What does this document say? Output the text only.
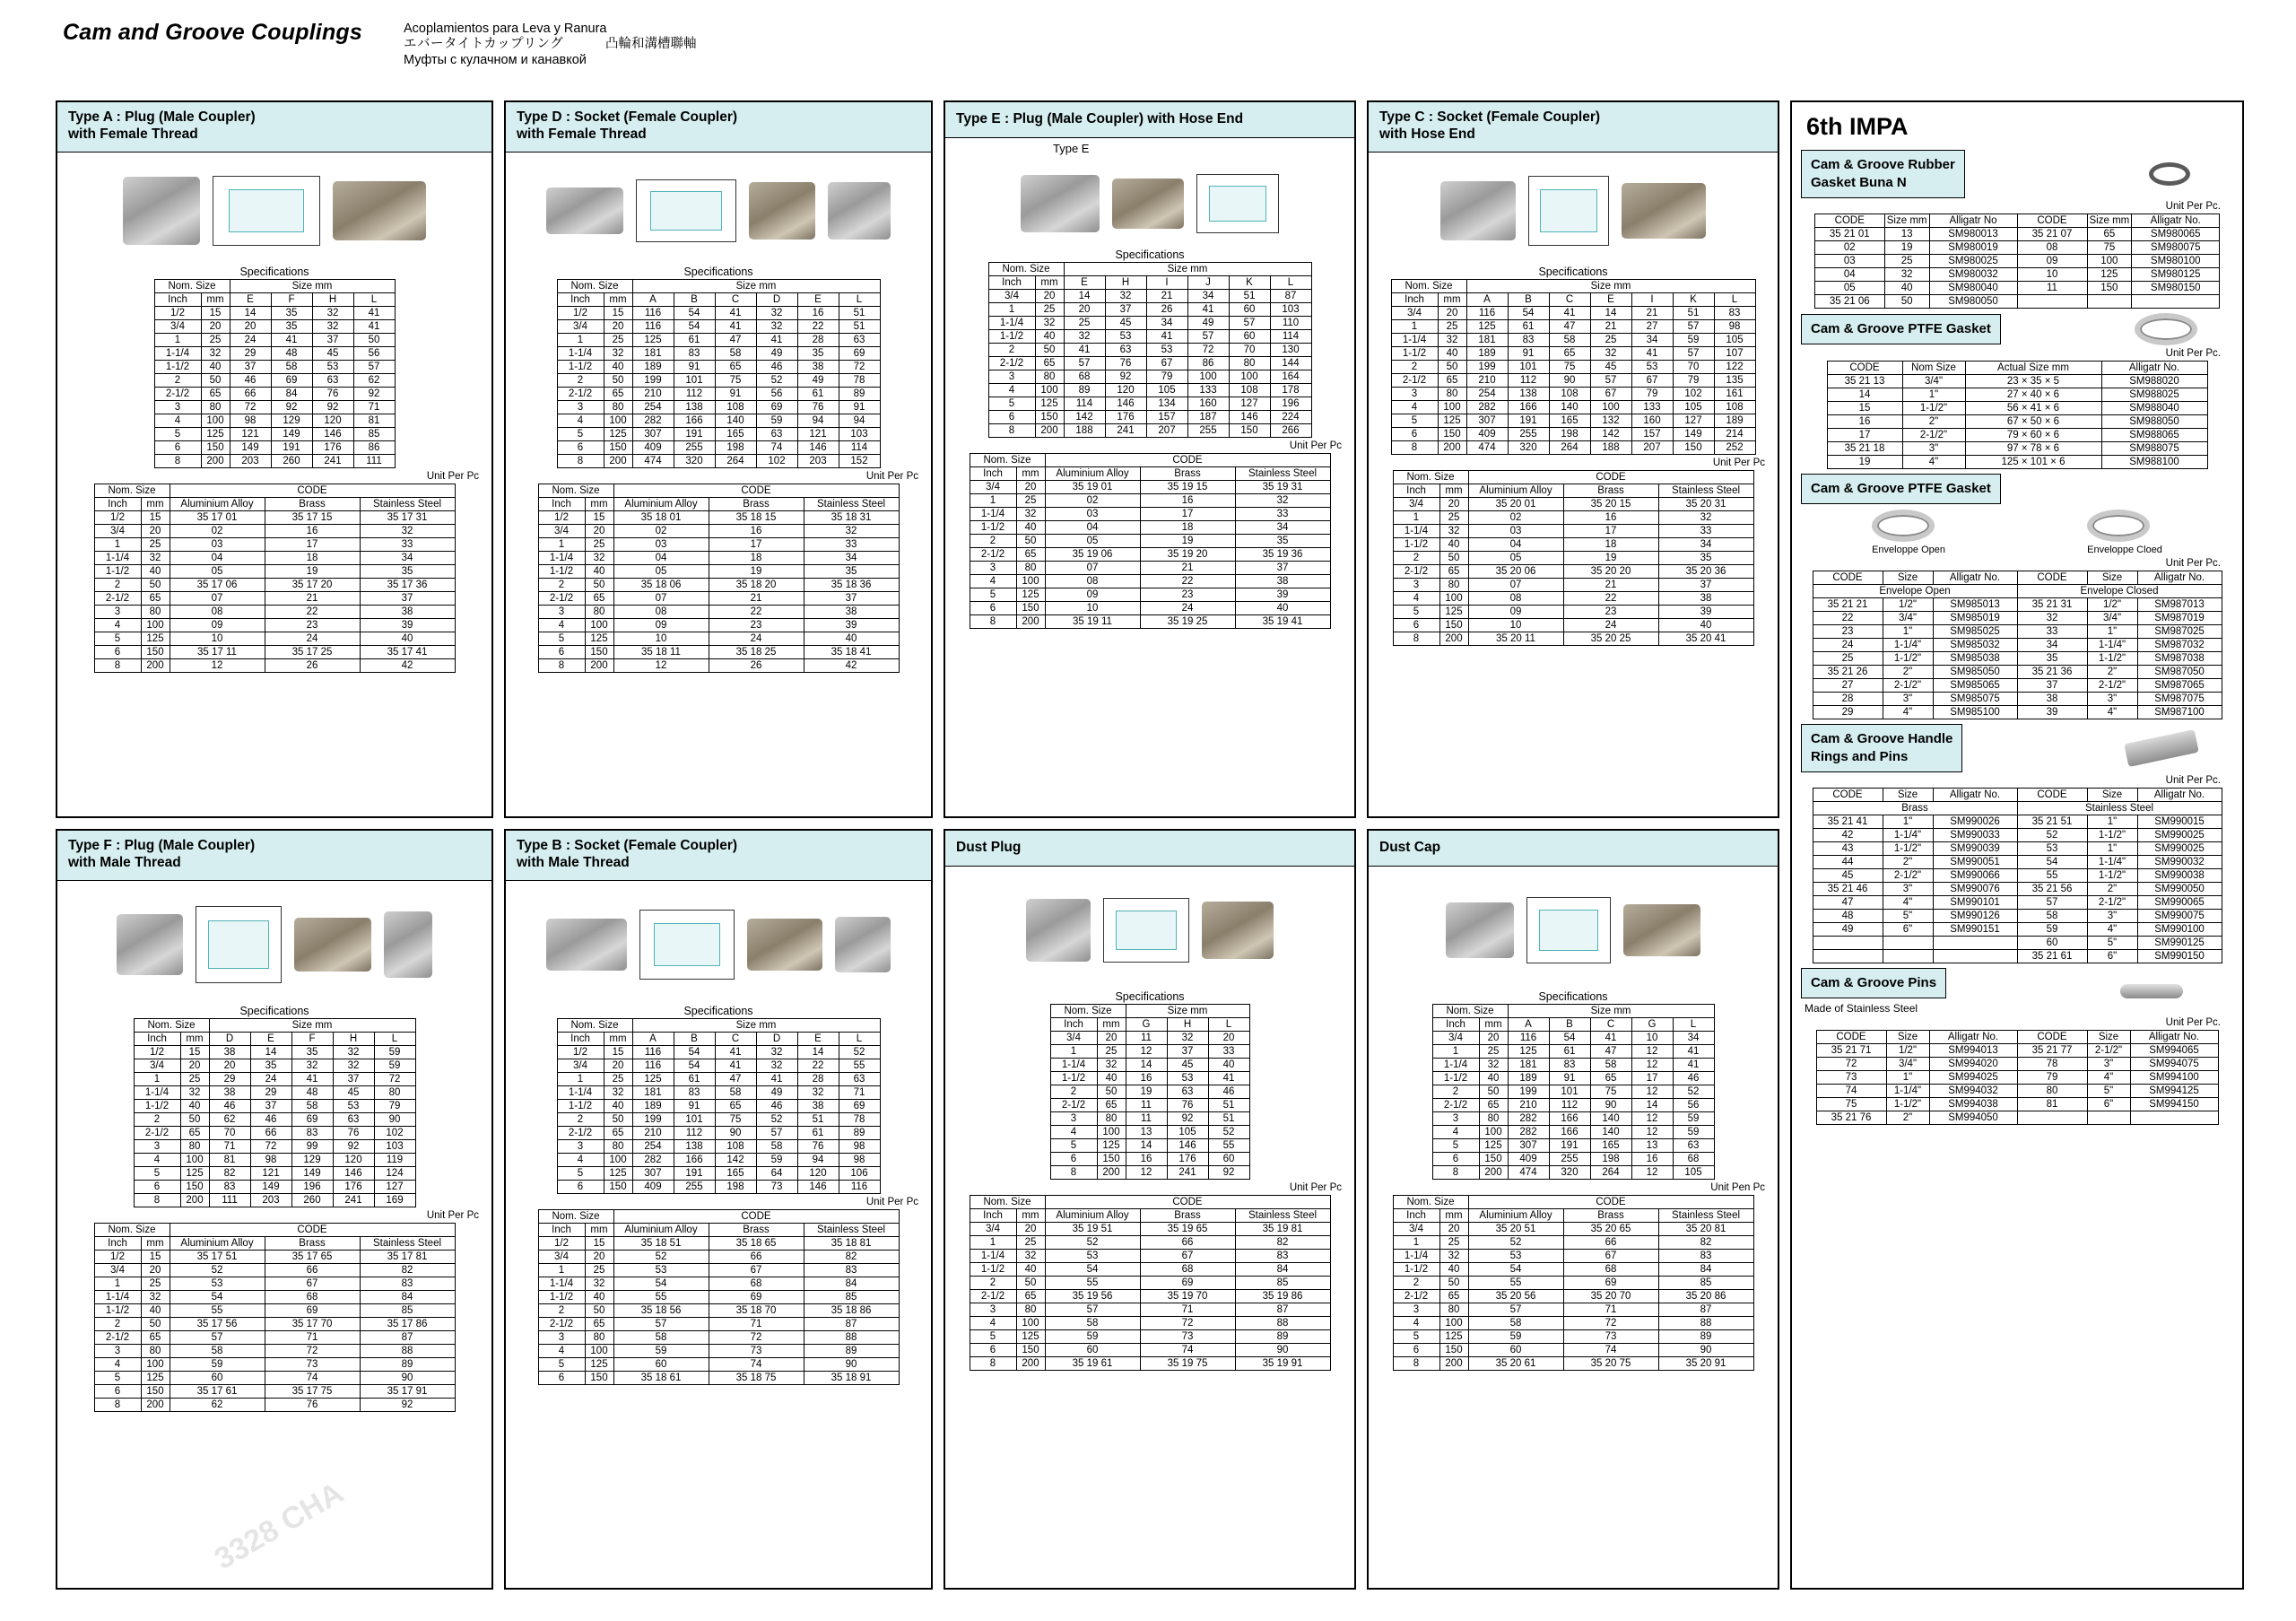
Cam and Groove Couplings	Acoplamientos para Leva y Ranura
エバータイトカップリング	凸輪和溝槽聯軸
Муфты с кулачном и канавкой
Type A : Plug (Male Coupler)
with Female Thread
Specifications
Nom. Size		Size mm			
Inch	mm	E	F	H	L
1/2	15	14	35	32	41
3/4	20	20	35	32	41
1	25	24	41	37	50
1-1/4	32	29	48	45	56
1-1/2	40	37	58	53	57
2	50	46	69	63	62
2-1/2	65	66	84	76	92
3	80	72	92	92	71
4	100	98	129	120	81
5	125	121	149	146	85
6	150	149	191	176	86
8	200	203	260	241	111
Unit Per Pc
Nom. Size		CODE		
Inch	mm	Aluminium Alloy	Brass	Stainless Steel
1/2	15	35 17 01	35 17 15	35 17 31
3/4	20	02	16	32
1	25	03	17	33
1-1/4	32	04	18	34
1-1/2	40	05	19	35
2	50	35 17 06	35 17 20	35 17 36
2-1/2	65	07	21	37
3	80	08	22	38
4	100	09	23	39
5	125	10	24	40
6	150	35 17 11	35 17 25	35 17 41
8	200	12	26	42
Type D : Socket (Female Coupler)
with Female Thread
Specifications
Nom. Size		Size mm					
Inch	mm	A	B	C	D	E	L
1/2	15	116	54	41	32	16	51
3/4	20	116	54	41	32	22	51
1	25	125	61	47	41	28	63
1-1/4	32	181	83	58	49	35	69
1-1/2	40	189	91	65	46	38	72
2	50	199	101	75	52	49	78
2-1/2	65	210	112	91	56	61	89
3	80	254	138	108	69	76	91
4	100	282	166	140	59	94	94
5	125	307	191	165	63	121	103
6	150	409	255	198	74	146	114
8	200	474	320	264	102	203	152
Unit Per Pc
Nom. Size		CODE		
Inch	mm	Aluminium Alloy	Brass	Stainless Steel
1/2	15	35 18 01	35 18 15	35 18 31
3/4	20	02	16	32
1	25	03	17	33
1-1/4	32	04	18	34
1-1/2	40	05	19	35
2	50	35 18 06	35 18 20	35 18 36
2-1/2	65	07	21	37
3	80	08	22	38
4	100	09	23	39
5	125	10	24	40
6	150	35 18 11	35 18 25	35 18 41
8	200	12	26	42
Type E : Plug (Male Coupler) with Hose End
Type E
Specifications
Nom. Size		Size mm					
Inch	mm	E	H	I	J	K	L
3/4	20	14	32	21	34	51	87
1	25	20	37	26	41	60	103
1-1/4	32	25	45	34	49	57	110
1-1/2	40	32	53	41	57	60	114
2	50	41	63	53	72	70	130
2-1/2	65	57	76	67	86	80	144
3	80	68	92	79	100	100	164
4	100	89	120	105	133	108	178
5	125	114	146	134	160	127	196
6	150	142	176	157	187	146	224
8	200	188	241	207	255	150	266
Unit Per Pc
Nom. Size		CODE		
Inch	mm	Aluminium Alloy	Brass	Stainless Steel
3/4	20	35 19 01	35 19 15	35 19 31
1	25	02	16	32
1-1/4	32	03	17	33
1-1/2	40	04	18	34
2	50	05	19	35
2-1/2	65	35 19 06	35 19 20	35 19 36
3	80	07	21	37
4	100	08	22	38
5	125	09	23	39
6	150	10	24	40
8	200	35 19 11	35 19 25	35 19 41
Type C : Socket (Female Coupler)
with Hose End
Specifications
Nom. Size		Size mm						
Inch	mm	A	B	C	E	I	K	L
3/4	20	116	54	41	14	21	51	83
1	25	125	61	47	21	27	57	98
1-1/4	32	181	83	58	25	34	59	105
1-1/2	40	189	91	65	32	41	57	107
2	50	199	101	75	45	53	70	122
2-1/2	65	210	112	90	57	67	79	135
3	80	254	138	108	67	79	102	161
4	100	282	166	140	100	133	105	108
5	125	307	191	165	132	160	127	189
6	150	409	255	198	142	157	149	214
8	200	474	320	264	188	207	150	252
Unit Per Pc
Nom. Size		CODE		
Inch	mm	Aluminium Alloy	Brass	Stainless Steel
3/4	20	35 20 01	35 20 15	35 20 31
1	25	02	16	32
1-1/4	32	03	17	33
1-1/2	40	04	18	34
2	50	05	19	35
2-1/2	65	35 20 06	35 20 20	35 20 36
3	80	07	21	37
4	100	08	22	38
5	125	09	23	39
6	150	10	24	40
8	200	35 20 11	35 20 25	35 20 41
Type F : Plug (Male Coupler)
with Male Thread
Specifications
Nom. Size		Size mm				
Inch	mm	D	E	F	H	L
1/2	15	38	14	35	32	59
3/4	20	20	35	32	32	59
1	25	29	24	41	37	72
1-1/4	32	38	29	48	45	80
1-1/2	40	46	37	58	53	79
2	50	62	46	69	63	90
2-1/2	65	70	66	83	76	102
3	80	71	72	99	92	103
4	100	81	98	129	120	119
5	125	82	121	149	146	124
6	150	83	149	196	176	127
8	200	111	203	260	241	169
Unit Per Pc
Nom. Size		CODE		
Inch	mm	Aluminium Alloy	Brass	Stainless Steel
1/2	15	35 17 51	35 17 65	35 17 81
3/4	20	52	66	82
1	25	53	67	83
1-1/4	32	54	68	84
1-1/2	40	55	69	85
2	50	35 17 56	35 17 70	35 17 86
2-1/2	65	57	71	87
3	80	58	72	88
4	100	59	73	89
5	125	60	74	90
6	150	35 17 61	35 17 75	35 17 91
8	200	62	76	92
Type B : Socket (Female Coupler)
with Male Thread
Specifications
Nom. Size		Size mm					
Inch	mm	A	B	C	D	E	L
1/2	15	116	54	41	32	14	52
3/4	20	116	54	41	32	22	55
1	25	125	61	47	41	28	63
1-1/4	32	181	83	58	49	32	71
1-1/2	40	189	91	65	46	38	69
2	50	199	101	75	52	51	78
2-1/2	65	210	112	90	57	61	89
3	80	254	138	108	58	76	98
4	100	282	166	142	59	94	98
5	125	307	191	165	64	120	106
6	150	409	255	198	73	146	116
Unit Per Pc
Nom. Size		CODE		
Inch	mm	Aluminium Alloy	Brass	Stainless Steel
1/2	15	35 18 51	35 18 65	35 18 81
3/4	20	52	66	82
1	25	53	67	83
1-1/4	32	54	68	84
1-1/2	40	55	69	85
2	50	35 18 56	35 18 70	35 18 86
2-1/2	65	57	71	87
3	80	58	72	88
4	100	59	73	89
5	125	60	74	90
6	150	35 18 61	35 18 75	35 18 91
Dust Plug
Specifications
Nom. Size		Size mm		
Inch	mm	G	H	L
3/4	20	11	32	20
1	25	12	37	33
1-1/4	32	14	45	40
1-1/2	40	16	53	41
2	50	19	63	46
2-1/2	65	11	76	51
3	80	11	92	51
4	100	13	105	52
5	125	14	146	55
6	150	16	176	60
8	200	12	241	92
Unit Per Pc
Nom. Size		CODE		
Inch	mm	Aluminium Alloy	Brass	Stainless Steel
3/4	20	35 19 51	35 19 65	35 19 81
1	25	52	66	82
1-1/4	32	53	67	83
1-1/2	40	54	68	84
2	50	55	69	85
2-1/2	65	35 19 56	35 19 70	35 19 86
3	80	57	71	87
4	100	58	72	88
5	125	59	73	89
6	150	60	74	90
8	200	35 19 61	35 19 75	35 19 91
Dust Cap
Specifications
Nom. Size		Size mm				
Inch	mm	A	B	C	G	L
3/4	20	116	54	41	10	34
1	25	125	61	47	12	41
1-1/4	32	181	83	58	12	41
1-1/2	40	189	91	65	17	46
2	50	199	101	75	12	52
2-1/2	65	210	112	90	14	56
3	80	282	166	140	12	59
4	100	282	166	140	12	59
5	125	307	191	165	13	63
6	150	409	255	198	16	68
8	200	474	320	264	12	105
Unit Pen Pc
Nom. Size		CODE		
Inch	mm	Aluminium Alloy	Brass	Stainless Steel
3/4	20	35 20 51	35 20 65	35 20 81
1	25	52	66	82
1-1/4	32	53	67	83
1-1/2	40	54	68	84
2	50	55	69	85
2-1/2	65	35 20 56	35 20 70	35 20 86
3	80	57	71	87
4	100	58	72	88
5	125	59	73	89
6	150	60	74	90
8	200	35 20 61	35 20 75	35 20 91
6th IMPA
Cam & Groove Rubber
Gasket Buna N
Unit Per Pc.
CODE	Size mm	Alligatr No	CODE	Size mm	Alligatr No.
35 21 01	13	SM980013	35 21 07	65	SM980065
02	19	SM980019	08	75	SM980075
03	25	SM980025	09	100	SM980100
04	32	SM980032	10	125	SM980125
05	40	SM980040	11	150	SM980150
35 21 06	50	SM980050			
Cam & Groove PTFE Gasket
Unit Per Pc.
CODE	Nom Size	Actual Size mm	Alligatr No.
35 21 13	3/4"	23 × 35 × 5	SM988020
14	1"	27 × 40 × 6	SM988025
15	1-1/2"	56 × 41 × 6	SM988040
16	2"	67 × 50 × 6	SM988050
17	2-1/2"	79 × 60 × 6	SM988065
35 21 18	3"	97 × 78 × 6	SM988075
19	4"	125 × 101 × 6	SM988100
Cam & Groove PTFE Gasket
Enveloppe Open	Enveloppe Cloed
Unit Per Pc.
CODE	Size	Alligatr No.	CODE	Size	Alligatr No.
Envelope Open			Envelope Closed		
35 21 21	1/2"	SM985013	35 21 31	1/2"	SM987013
22	3/4"	SM985019	32	3/4"	SM987019
23	1"	SM985025	33	1"	SM987025
24	1-1/4"	SM985032	34	1-1/4"	SM987032
25	1-1/2"	SM985038	35	1-1/2"	SM987038
35 21 26	2"	SM985050	35 21 36	2"	SM987050
27	2-1/2"	SM985065	37	2-1/2"	SM987065
28	3"	SM985075	38	3"	SM987075
29	4"	SM985100	39	4"	SM987100
Cam & Groove Handle
Rings and Pins
Unit Per Pc.
CODE	Size	Alligatr No.	CODE	Size	Alligatr No.
Brass			Stainless Steel		
35 21 41	1"	SM990026	35 21 51	1"	SM990015
42	1-1/4"	SM990033	52	1-1/2"	SM990025
43	1-1/2"	SM990039	53	1"	SM990025
44	2"	SM990051	54	1-1/4"	SM990032
45	2-1/2"	SM990066	55	1-1/2"	SM990038
35 21 46	3"	SM990076	35 21 56	2"	SM990050
47	4"	SM990101	57	2-1/2"	SM990065
48	5"	SM990126	58	3"	SM990075
49	6"	SM990151	59	4"	SM990100
			60	5"	SM990125
			35 21 61	6"	SM990150
Cam & Groove Pins
Made of Stainless Steel
Unit Per Pc.
CODE	Size	Alligatr No.	CODE	Size	Alligatr No.
35 21 71	1/2"	SM994013	35 21 77	2-1/2"	SM994065
72	3/4"	SM994020	78	3"	SM994075
73	1"	SM994025	79	4"	SM994100
74	1-1/4"	SM994032	80	5"	SM994125
75	1-1/2"	SM994038	81	6"	SM994150
35 21 76	2"	SM994050			
